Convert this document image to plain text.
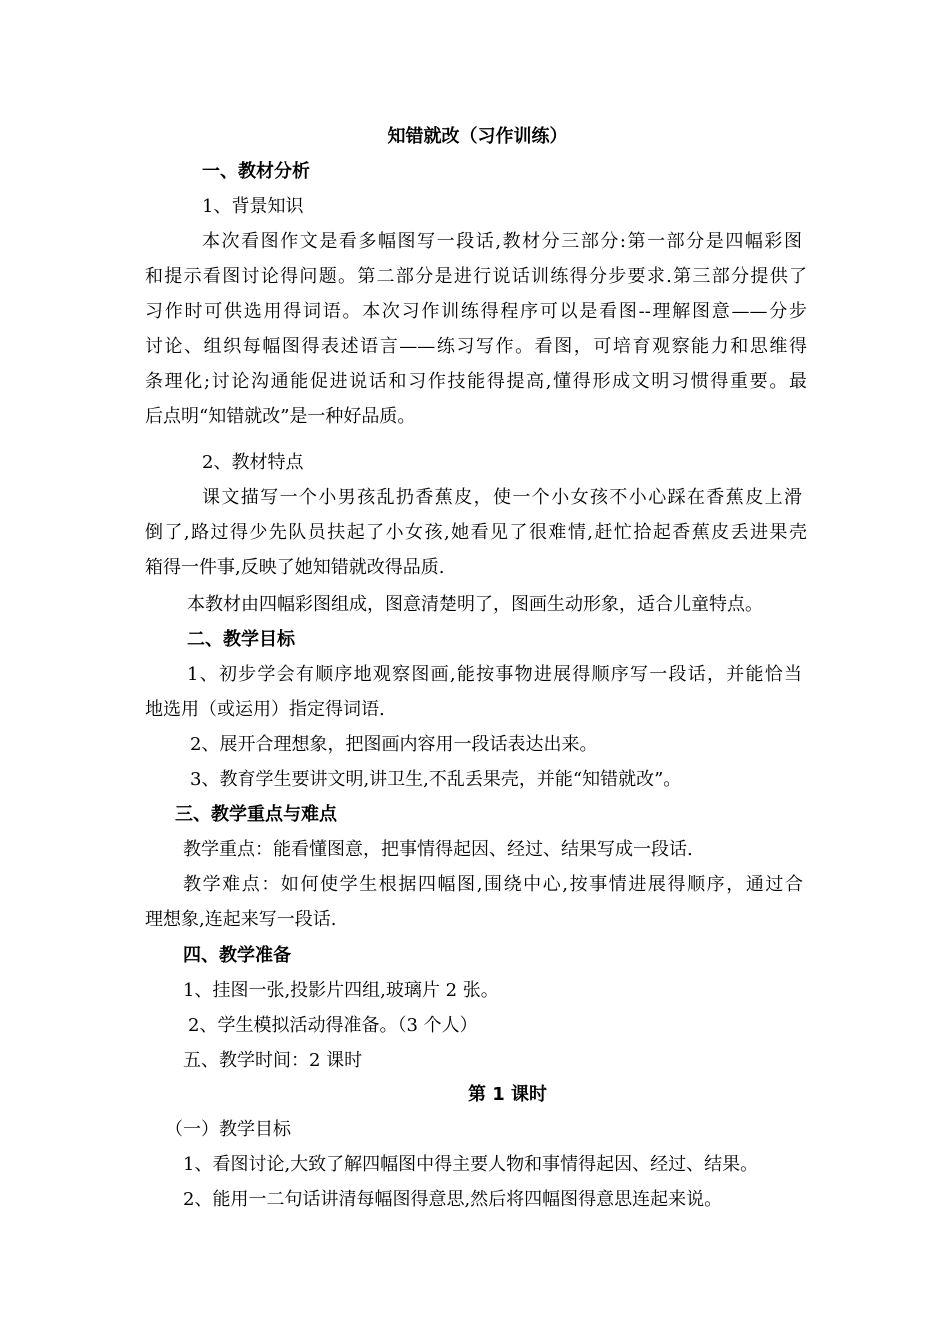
知错就改（习作训练）
一、教材分析
1、背景知识
本次看图作文是看多幅图写一段话,教材分三部分:第一部分是四幅彩图
和提示看图讨论得问题。第二部分是进行说话训练得分步要求.第三部分提供了
习作时可供选用得词语。本次习作训练得程序可以是看图--理解图意——分步
讨论、组织每幅图得表述语言——练习写作。看图，可培育观察能力和思维得
条理化;讨论沟通能促进说话和习作技能得提高,懂得形成文明习惯得重要。最
后点明“知错就改”是一种好品质。
2、教材特点
课文描写一个小男孩乱扔香蕉皮，使一个小女孩不小心踩在香蕉皮上滑
倒了,路过得少先队员扶起了小女孩,她看见了很难情,赶忙拾起香蕉皮丢进果壳
箱得一件事,反映了她知错就改得品质.
本教材由四幅彩图组成，图意清楚明了，图画生动形象，适合儿童特点。
二、教学目标
1、初步学会有顺序地观察图画,能按事物进展得顺序写一段话，并能恰当
地选用（或运用）指定得词语.
2、展开合理想象，把图画内容用一段话表达出来。
3、教育学生要讲文明,讲卫生,不乱丢果壳，并能“知错就改”。
三、教学重点与难点
教学重点：能看懂图意，把事情得起因、经过、结果写成一段话.
教学难点：如何使学生根据四幅图,围绕中心,按事情进展得顺序，通过合
理想象,连起来写一段话.
四、教学准备
1、挂图一张,投影片四组,玻璃片 2 张。
2、学生模拟活动得准备。（3 个人）
五、教学时间：2 课时
第 1 课时
（一）教学目标
1、看图讨论,大致了解四幅图中得主要人物和事情得起因、经过、结果。
2、能用一二句话讲清每幅图得意思,然后将四幅图得意思连起来说。
